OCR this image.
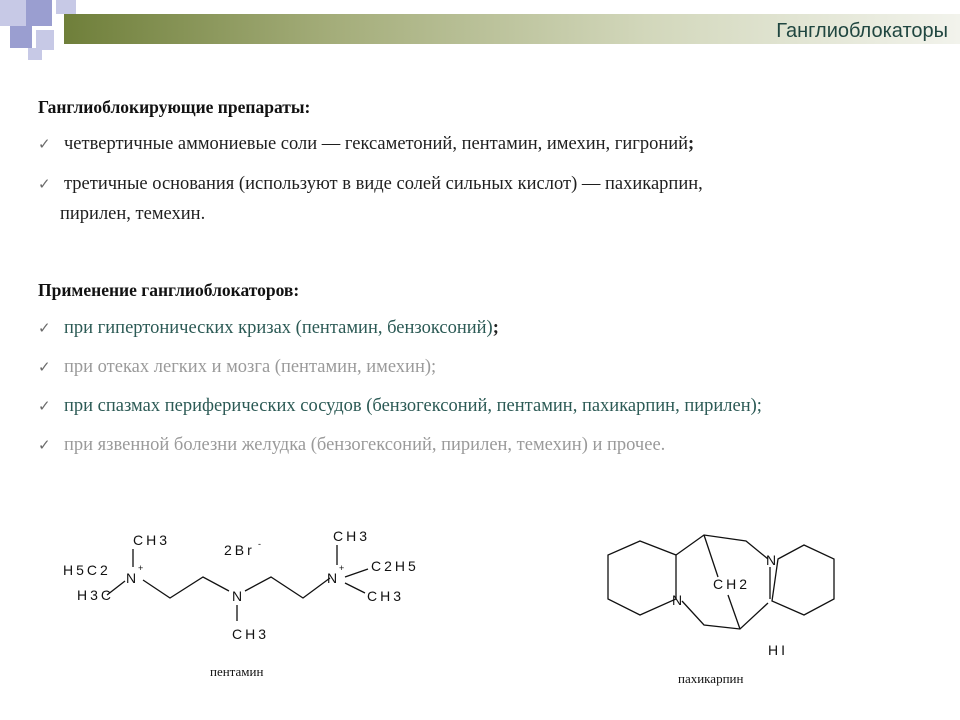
Ганглиоблокаторы
Ганглиоблокирующие препараты:
✓ четвертичные аммониевые соли — гексаметоний, пентамин, имехин, гигроний;
✓ третичные основания (используют в виде солей сильных кислот) — пахикарпин,
пирилен, темехин.
Применение ганглиоблокаторов:
✓ при гипертонических кризах (пентамин, бензоксоний);
✓ при отеках легких и мозга (пентамин, имехин);
✓ при спазмах периферических сосудов (бензогексоний, пентамин, пахикарпин, пирилен);
✓ при язвенной болезни желудка (бензогексоний, пирилен, темехин) и прочее.
CH3
H5C2 N
+
H3C
2Br -
N
CH3
CH3
N
+ C2H5
CH3
пентамин
CH2
N
N
HI
пахикарпин
